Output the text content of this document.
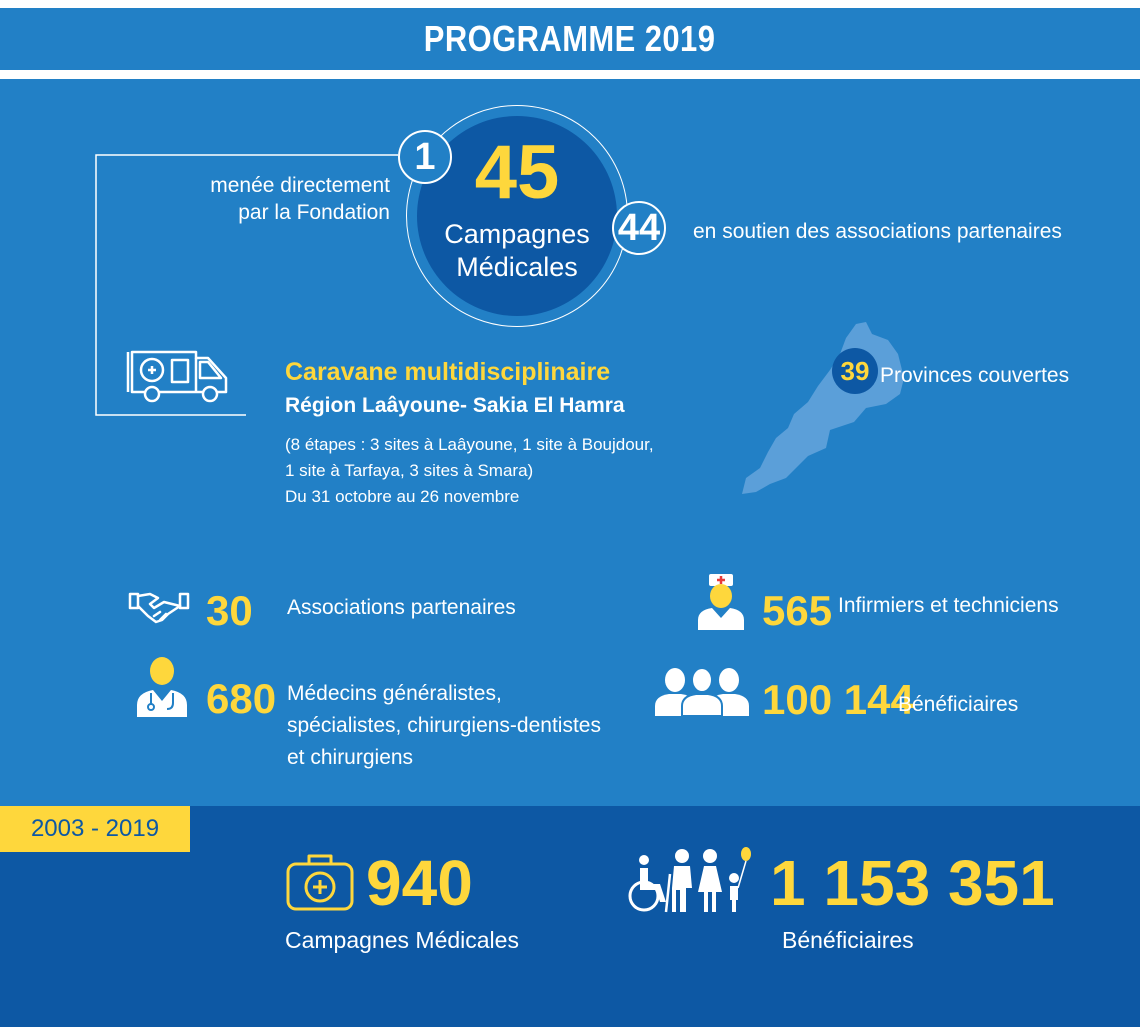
PROGRAMME 2019
45
Campagnes
Médicales
1
menée directement
par la Fondation	44 en soutien des associations partenaires
Caravane multidisciplinaire
Région Laâyoune- Sakia El Hamra
(8 étapes : 3 sites à Laâyoune, 1 site à Boujdour,
1 site à Tarfaya, 3 sites à Smara)
Du 31 octobre au 26 novembre
39 Provinces couvertes
30 Associations partenaires	565 Infirmiers et techniciens
680 Médecins généralistes,
spécialistes, chirurgiens-dentistes
et chirurgiens
100 144
Bénéficiaires
2003 - 2019
940
Campagnes Médicales
1 153 351
Bénéficiaires
